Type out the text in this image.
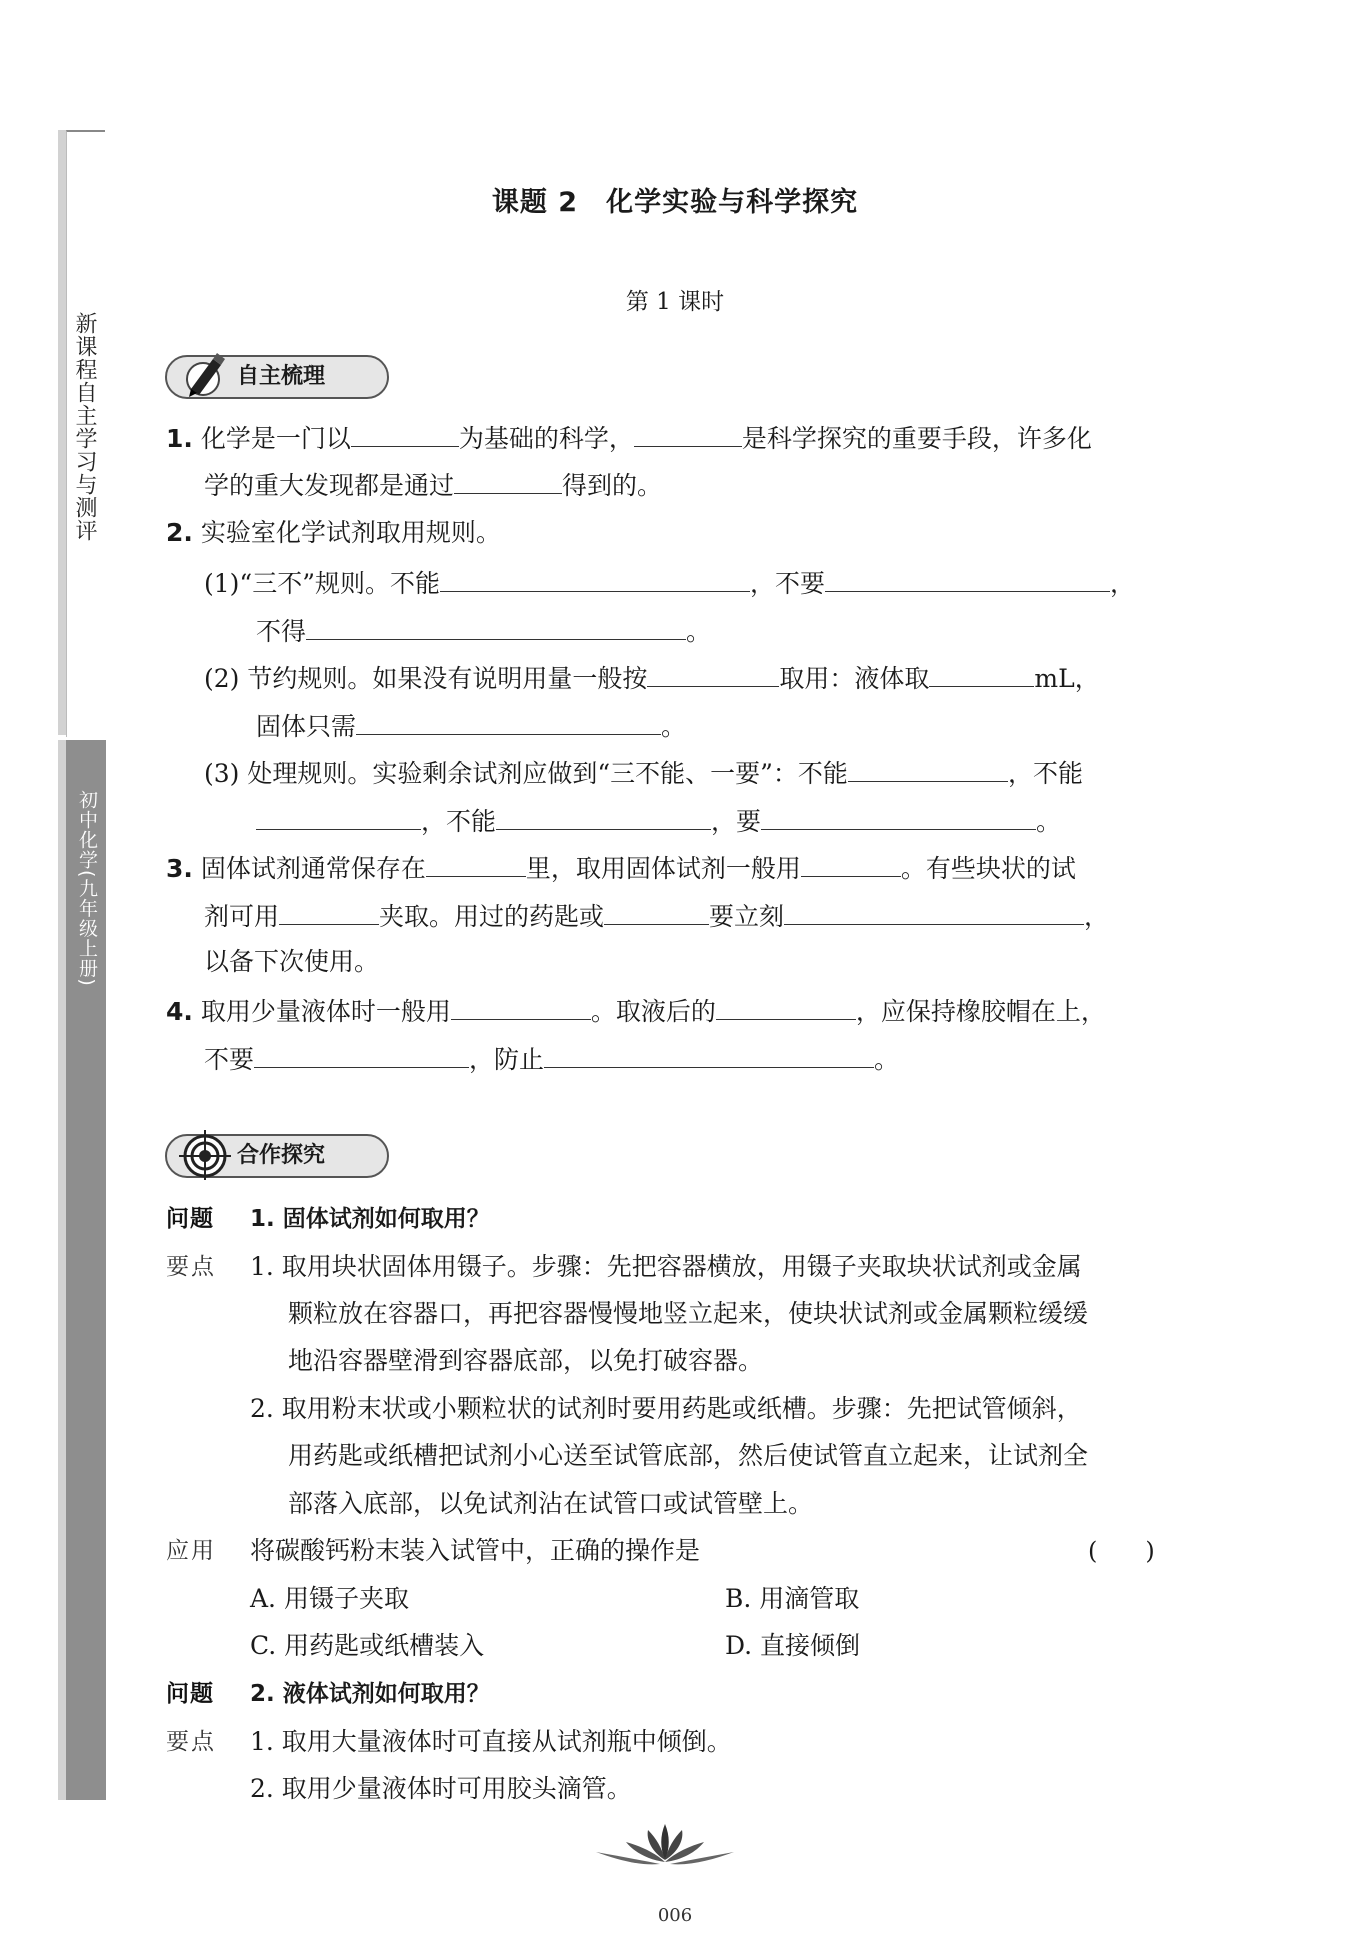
新课程自主学习与测评
初中化学(九年级上册)
课题 2　化学实验与科学探究
第 1 课时
自主梳理
1. 化学是一门以	为基础的科学，	是科学探究的重要手段，许多化
学的重大发现都是通过	得到的。
2. 实验室化学试剂取用规则。
(1)“三不”规则。不能	，不要	，
不得	。
(2) 节约规则。如果没有说明用量一般按	取用：液体取	mL，
固体只需	。
(3) 处理规则。实验剩余试剂应做到“三不能、一要”：不能	，不能
，不能	，要	。
3. 固体试剂通常保存在	里，取用固体试剂一般用	。有些块状的试
剂可用	夹取。用过的药匙或	要立刻	，
以备下次使用。
4. 取用少量液体时一般用	。取液后的	，应保持橡胶帽在上，
不要	，防止	。
合作探究
问题 1. 固体试剂如何取用？
要点 1. 取用块状固体用镊子。步骤：先把容器横放，用镊子夹取块状试剂或金属
颗粒放在容器口，再把容器慢慢地竖立起来，使块状试剂或金属颗粒缓缓
地沿容器壁滑到容器底部，以免打破容器。
2. 取用粉末状或小颗粒状的试剂时要用药匙或纸槽。步骤：先把试管倾斜，
用药匙或纸槽把试剂小心送至试管底部，然后使试管直立起来，让试剂全
部落入底部，以免试剂沾在试管口或试管壁上。
应用 将碳酸钙粉末装入试管中，正确的操作是	(　　)
A. 用镊子夹取	B. 用滴管取
C. 用药匙或纸槽装入	D. 直接倾倒
问题 2. 液体试剂如何取用？
要点 1. 取用大量液体时可直接从试剂瓶中倾倒。
2. 取用少量液体时可用胶头滴管。
006
